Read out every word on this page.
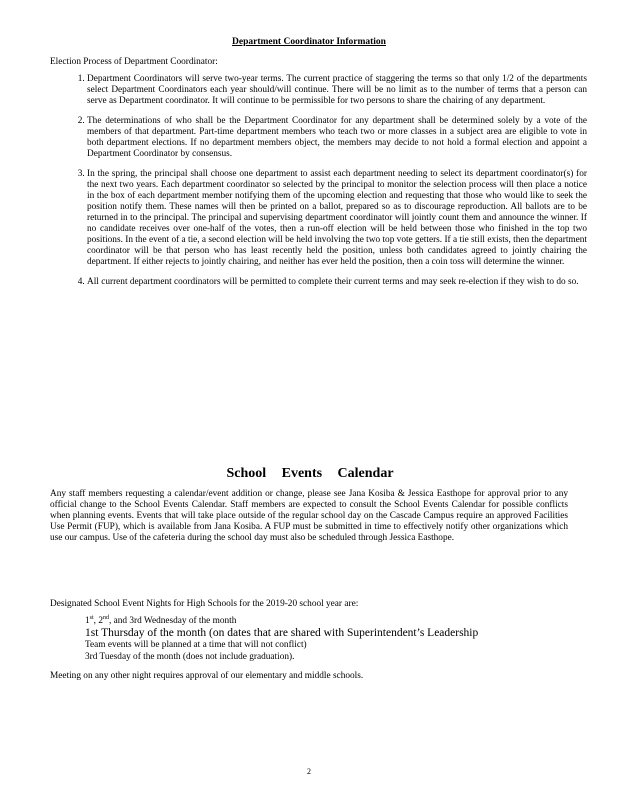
Department Coordinator Information
Election Process of Department Coordinator:

1. Department Coordinators will serve two-year terms. The current practice of staggering the terms so that only 1/2 of the departments select Department Coordinators each year should/will continue. There will be no limit as to the number of terms that a person can serve as Department coordinator. It will continue to be permissible for two persons to share the chairing of any department.

2. The determinations of who shall be the Department Coordinator for any department shall be determined solely by a vote of the members of that department. Part-time department members who teach two or more classes in a subject area are eligible to vote in both department elections. If no department members object, the members may decide to not hold a formal election and appoint a Department Coordinator by consensus.

3. In the spring, the principal shall choose one department to assist each department needing to select its department coordinator(s) for the next two years. Each department coordinator so selected by the principal to monitor the selection process will then place a notice in the box of each department member notifying them of the upcoming election and requesting that those who would like to seek the position notify them. These names will then be printed on a ballot, prepared so as to discourage reproduction. All ballots are to be returned in to the principal. The principal and supervising department coordinator will jointly count them and announce the winner. If no candidate receives over one-half of the votes, then a run-off election will be held between those who finished in the top two positions. In the event of a tie, a second election will be held involving the two top vote getters. If a tie still exists, then the department coordinator will be that person who has least recently held the position, unless both candidates agreed to jointly chairing the department. If either rejects to jointly chairing, and neither has ever held the position, then a coin toss will determine the winner.

4. All current department coordinators will be permitted to complete their current terms and may seek re-election if they wish to do so.

School Events Calendar

Any staff members requesting a calendar/event addition or change, please see Jana Kosiba & Jessica Easthope for approval prior to any official change to the School Events Calendar. Staff members are expected to consult the School Events Calendar for possible conflicts when planning events. Events that will take place outside of the regular school day on the Cascade Campus require an approved Facilities Use Permit (FUP), which is available from Jana Kosiba. A FUP must be submitted in time to effectively notify other organizations which use our campus. Use of the cafeteria during the school day must also be scheduled through Jessica Easthope.

Designated School Event Nights for High Schools for the 2019-20 school year are:

1st, 2nd, and 3rd Wednesday of the month
1st Thursday of the month (on dates that are shared with Superintendent’s Leadership
Team events will be planned at a time that will not conflict)
3rd Tuesday of the month (does not include graduation).

Meeting on any other night requires approval of our elementary and middle schools.

2
